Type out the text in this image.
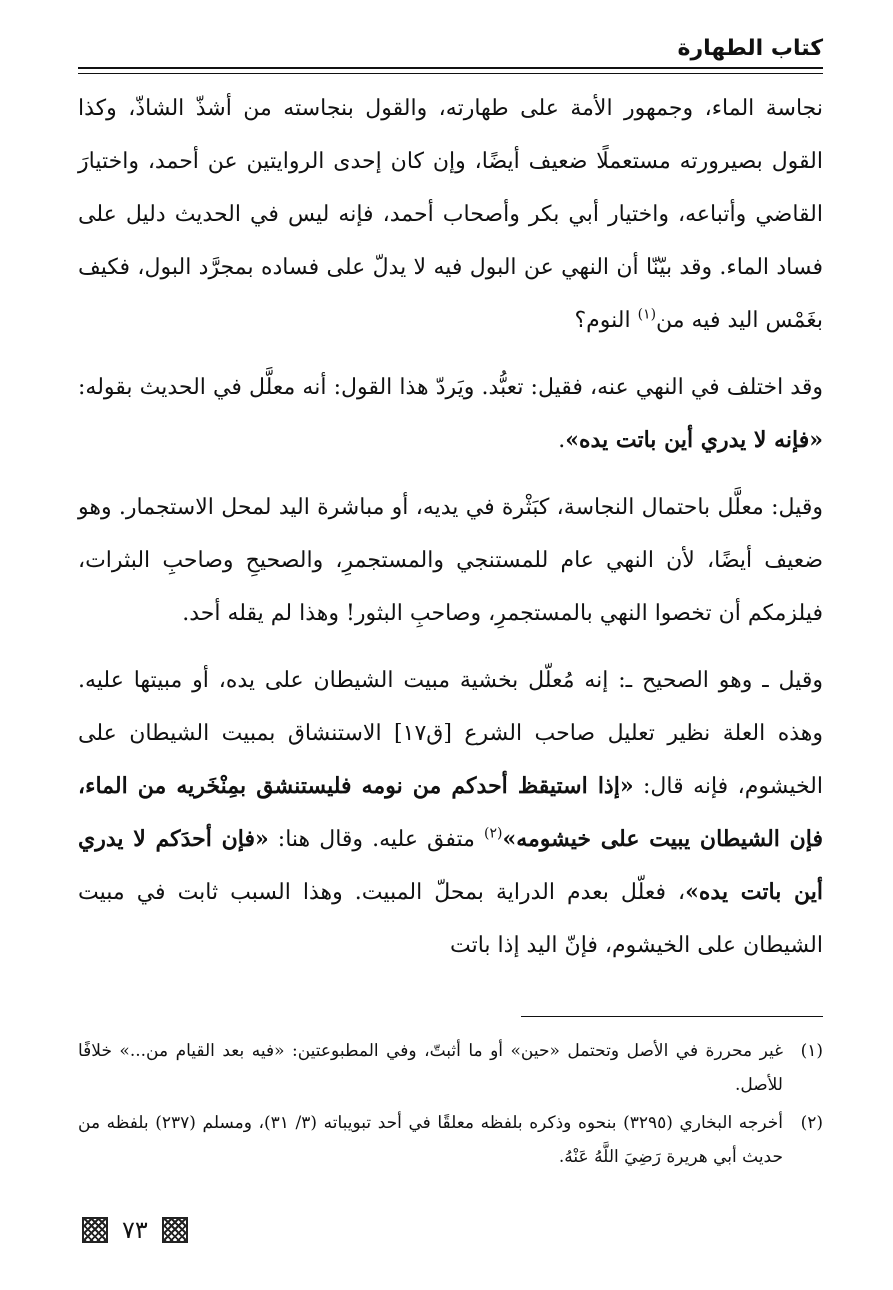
كتاب الطهارة

نجاسة الماء، وجمهور الأمة على طهارته، والقول بنجاسته من أشذّ الشاذّ، وكذا القول بصيرورته مستعملًا ضعيف أيضًا، وإن كان إحدى الروايتين عن أحمد، واختيارَ القاضي وأتباعه، واختيار أبي بكر وأصحاب أحمد، فإنه ليس في الحديث دليل على فساد الماء. وقد بيّنّا أن النهي عن البول فيه لا يدلّ على فساده بمجرَّد البول، فكيف بغَمْس اليد فيه من$^{(١)}$ النوم؟

وقد اختلف في النهي عنه، فقيل: تعبُّد. ويَردّ هذا القول: أنه معلَّل في الحديث بقوله: «فإنه لا يدري أين باتت يده».

وقيل: معلَّل باحتمال النجاسة، كبَثْرة في يديه، أو مباشرة اليد لمحل الاستجمار. وهو ضعيف أيضًا، لأن النهي عام للمستنجي والمستجمرِ، والصحيحِ وصاحبِ البثرات، فيلزمكم أن تخصوا النهي بالمستجمرِ، وصاحبِ البثور! وهذا لم يقله أحد.

وقيل ـ وهو الصحيح ـ: إنه مُعلّل بخشية مبيت الشيطان على يده، أو مبيتها عليه. وهذه العلة نظير تعليل صاحب الشرع [ق١٧] الاستنشاق بمبيت الشيطان على الخيشوم، فإنه قال: «إذا استيقظ أحدكم من نومه فليستنشق بمِنْخَريه من الماء، فإن الشيطان يبيت على خيشومه»$^{(٢)}$ متفق عليه. وقال هنا: «فإن أحدَكم لا يدري أين باتت يده»، فعلّل بعدم الدراية بمحلّ المبيت. وهذا السبب ثابت في مبيت الشيطان على الخيشوم، فإنّ اليد إذا باتت

(١)
غير محررة في الأصل وتحتمل «حين» أو ما أثبتّ، وفي المطبوعتين: «فيه بعد القيام من...» خلافًا للأصل.

(٢)
أخرجه البخاري (٣٢٩٥) بنحوه وذكره بلفظه معلقًا في أحد تبويباته (٣/ ٣١)، ومسلم (٢٣٧) بلفظه من حديث أبي هريرة رَضِيَ اللَّهُ عَنْهُ.

٧٣
